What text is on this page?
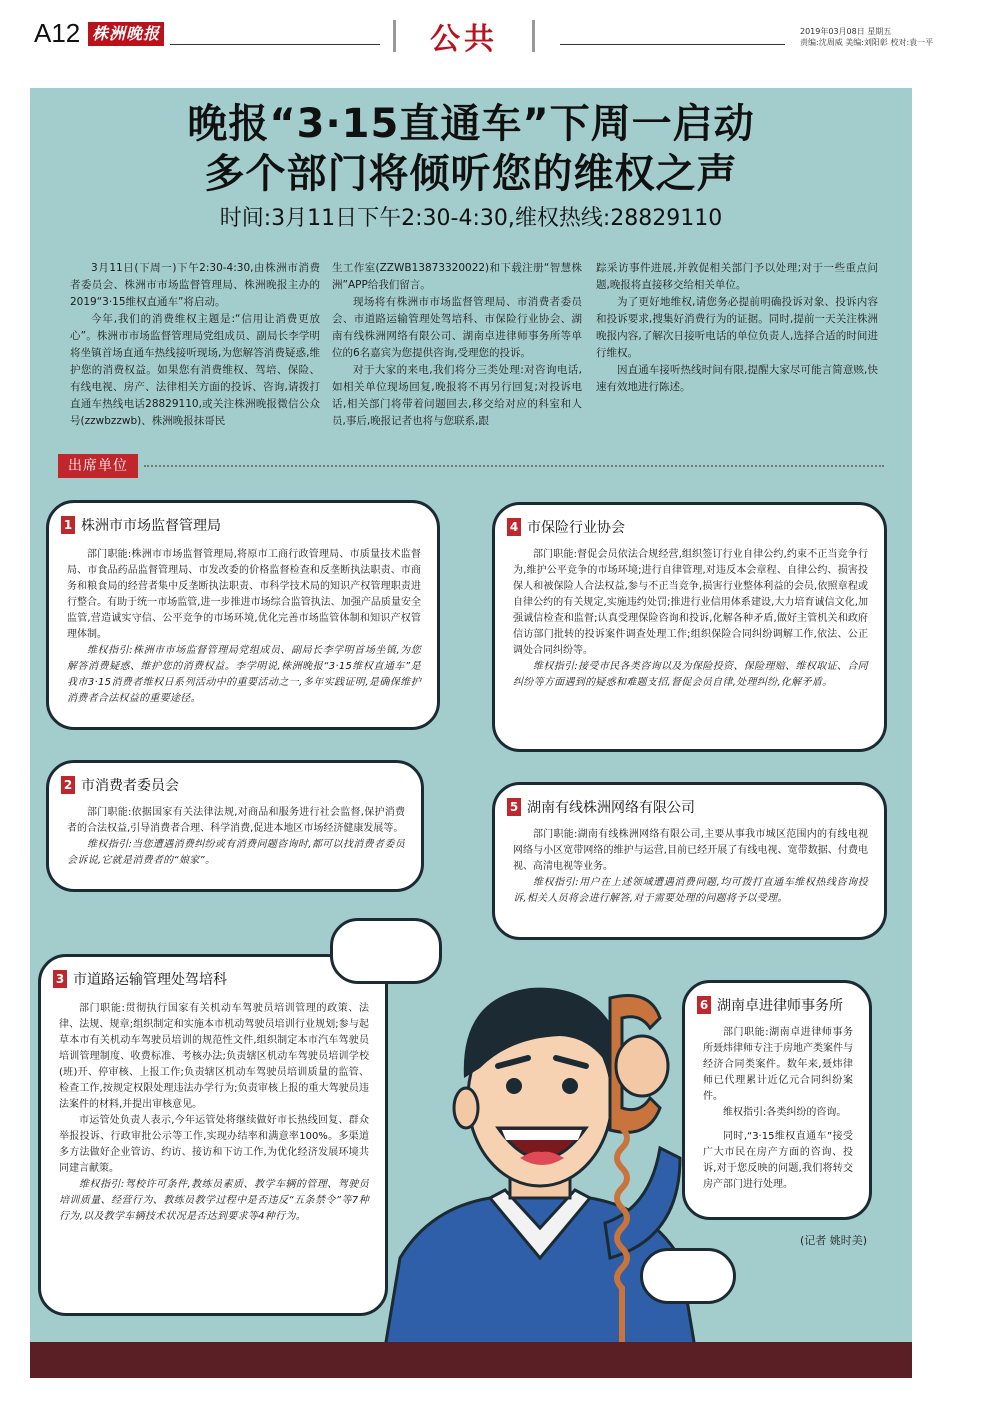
A12 株洲晚报	公共	2019年03月08日 星期五
责编:沈周威 美编:刘阳彰 校对:袁一平
晚报“3·15直通车”下周一启动
多个部门将倾听您的维权之声
时间:3月11日下午2:30-4:30,维权热线:28829110

3月11日(下周一)下午2:30-4:30,由株洲市消费者委员会、株洲市市场监督管理局、株洲晚报主办的2019“3·15维权直通车”将启动。

今年,我们的消费维权主题是:“信用让消费更放心”。株洲市市场监督管理局党组成员、副局长李学明将坐镇首场直通车热线接听现场,为您解答消费疑惑,维护您的消费权益。如果您有消费维权、驾培、保险、有线电视、房产、法律相关方面的投诉、咨询,请拨打直通车热线电话28829110,或关注株洲晚报微信公众号(zzwbzzwb)、株洲晚报抹哥民

生工作室(ZZWB13873320022)和下载注册“智慧株洲”APP给我们留言。

现场将有株洲市市场监督管理局、市消费者委员会、市道路运输管理处驾培科、市保险行业协会、湖南有线株洲网络有限公司、湖南卓进律师事务所等单位的6名嘉宾为您提供咨询,受理您的投诉。

对于大家的来电,我们将分三类处理:对咨询电话,如相关单位现场回复,晚报将不再另行回复;对投诉电话,相关部门将带着问题回去,移交给对应的科室和人员,事后,晚报记者也将与您联系,跟

踪采访事件进展,并敦促相关部门予以处理;对于一些重点问题,晚报将直接移交给相关单位。

为了更好地维权,请您务必提前明确投诉对象、投诉内容和投诉要求,搜集好消费行为的证据。同时,提前一天关注株洲晚报内容,了解次日接听电话的单位负责人,选择合适的时间进行维权。

因直通车接听热线时间有限,提醒大家尽可能言简意赅,快速有效地进行陈述。

出席单位
1 株洲市市场监督管理局

部门职能:株洲市市场监督管理局,将原市工商行政管理局、市质量技术监督局、市食品药品监督管理局、市发改委的价格监督检查和反垄断执法职责、市商务和粮食局的经营者集中反垄断执法职责、市科学技术局的知识产权管理职责进行整合。有助于统一市场监管,进一步推进市场综合监管执法、加强产品质量安全监管,营造诚实守信、公平竞争的市场环境,优化完善市场监管体制和知识产权管理体制。

维权指引:株洲市市场监督管理局党组成员、副局长李学明首场坐镇,为您解答消费疑惑、维护您的消费权益。李学明说,株洲晚报“3·15维权直通车”是我市3·15消费者维权日系列活动中的重要活动之一,多年实践证明,是确保维护消费者合法权益的重要途径。

2 市消费者委员会

部门职能:依据国家有关法律法规,对商品和服务进行社会监督,保护消费者的合法权益,引导消费者合理、科学消费,促进本地区市场经济健康发展等。

维权指引:当您遭遇消费纠纷或有消费问题咨询时,都可以找消费者委员会诉说,它就是消费者的“娘家”。

3 市道路运输管理处驾培科

部门职能:贯彻执行国家有关机动车驾驶员培训管理的政策、法律、法规、规章;组织制定和实施本市机动驾驶员培训行业规划;参与起草本市有关机动车驾驶员培训的规范性文件,组织制定本市汽车驾驶员培训管理制度、收费标准、考核办法;负责辖区机动车驾驶员培训学校(班)开、停审核、上报工作;负责辖区机动车驾驶员培训质量的监管、检查工作,按规定权限处理违法办学行为;负责审核上报的重大驾驶员违法案件的材料,并提出审核意见。

市运管处负责人表示,今年运管处将继续做好市长热线回复、群众举报投诉、行政审批公示等工作,实现办结率和满意率100%。多渠道多方法做好企业管访、约访、接访和下访工作,为优化经济发展环境共同建言献策。

维权指引:驾校许可条件,教练员素质、教学车辆的管理、驾驶员培训质量、经营行为、教练员教学过程中是否违反“五条禁令”等7种行为,以及教学车辆技术状况是否达到要求等4种行为。

4 市保险行业协会

部门职能:督促会员依法合规经营,组织签订行业自律公约,约束不正当竞争行为,维护公平竞争的市场环境;进行自律管理,对违反本会章程、自律公约、损害投保人和被保险人合法权益,参与不正当竞争,损害行业整体利益的会员,依照章程或自律公约的有关规定,实施违约处罚;推进行业信用体系建设,大力培育诚信文化,加强诚信检查和监督;认真受理保险咨询和投诉,化解各种矛盾,做好主管机关和政府信访部门批转的投诉案件调查处理工作;组织保险合同纠纷调解工作,依法、公正调处合同纠纷等。

维权指引:接受市民各类咨询以及为保险投资、保险理赔、维权取证、合同纠纷等方面遇到的疑惑和难题支招,督促会员自律,处理纠纷,化解矛盾。

5 湖南有线株洲网络有限公司

部门职能:湖南有线株洲网络有限公司,主要从事我市城区范围内的有线电视网络与小区宽带网络的维护与运营,目前已经开展了有线电视、宽带数据、付费电视、高清电视等业务。

维权指引:用户在上述领域遭遇消费问题,均可拨打直通车维权热线咨询投诉,相关人员将会进行解答,对于需要处理的问题将予以受理。

6 湖南卓进律师事务所

部门职能:湖南卓进律师事务所聂炜律师专注于房地产类案件与经济合同类案件。数年来,聂炜律师已代理累计近亿元合同纠纷案件。

维权指引:各类纠纷的咨询。

同时,“3·15维权直通车”接受广大市民在房产方面的咨询、投诉,对于您反映的问题,我们将转交房产部门进行处理。

(记者 姚时美)
